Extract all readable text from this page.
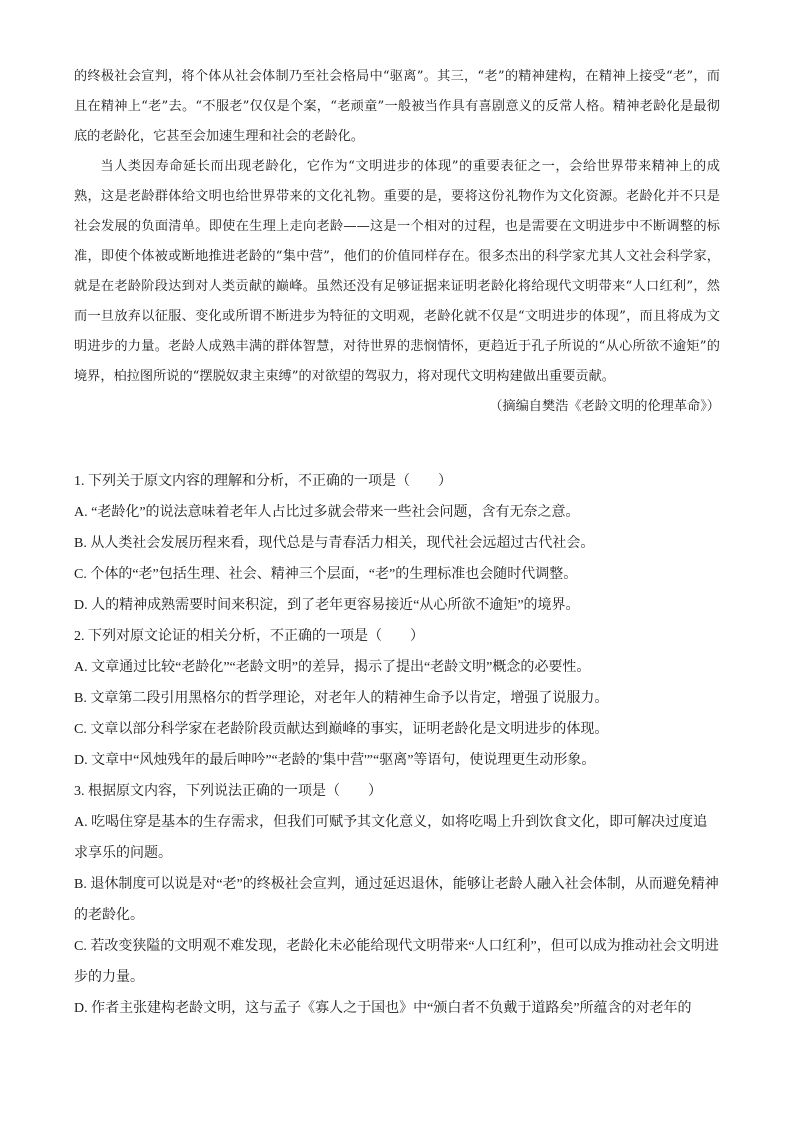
的终极社会宣判，将个体从社会体制乃至社会格局中“驱离”。其三，“老”的精神建构，在精神上接受“老”，而且在精神上“老”去。“不服老”仅仅是个案，“老顽童”一般被当作具有喜剧意义的反常人格。精神老龄化是最彻底的老龄化，它甚至会加速生理和社会的老龄化。

当人类因寿命延长而出现老龄化，它作为“文明进步的体现”的重要表征之一，会给世界带来精神上的成熟，这是老龄群体给文明也给世界带来的文化礼物。重要的是，要将这份礼物作为文化资源。老龄化并不只是社会发展的负面清单。即使在生理上走向老龄——这是一个相对的过程，也是需要在文明进步中不断调整的标准，即使个体被或断地推进老龄的“集中营”，他们的价值同样存在。很多杰出的科学家尤其人文社会科学家，就是在老龄阶段达到对人类贡献的巅峰。虽然还没有足够证据来证明老龄化将给现代文明带来“人口红利”，然而一旦放弃以征服、变化或所谓不断进步为特征的文明观，老龄化就不仅是“文明进步的体现”，而且将成为文明进步的力量。老龄人成熟丰满的群体智慧，对待世界的悲悯情怀，更趋近于孔子所说的“从心所欲不逾矩”的境界，柏拉图所说的“摆脱奴隶主束缚”的对欲望的驾驭力，将对现代文明构建做出重要贡献。

（摘编自樊浩《老龄文明的伦理革命》）

1. 下列关于原文内容的理解和分析，不正确的一项是（　　）

A. “老龄化”的说法意味着老年人占比过多就会带来一些社会问题，含有无奈之意。

B. 从人类社会发展历程来看，现代总是与青春活力相关，现代社会远超过古代社会。

C. 个体的“老”包括生理、社会、精神三个层面，“老”的生理标准也会随时代调整。

D. 人的精神成熟需要时间来积淀，到了老年更容易接近“从心所欲不逾矩”的境界。

2. 下列对原文论证的相关分析，不正确的一项是（　　）

A. 文章通过比较“老龄化”“老龄文明”的差异，揭示了提出“老龄文明”概念的必要性。

B. 文章第二段引用黑格尔的哲学理论，对老年人的精神生命予以肯定，增强了说服力。

C. 文章以部分科学家在老龄阶段贡献达到巅峰的事实，证明老龄化是文明进步的体现。

D. 文章中“风烛残年的最后呻吟”“老龄的'集中营'”“驱离”等语句，使说理更生动形象。

3. 根据原文内容，下列说法正确的一项是（　　）

A. 吃喝住穿是基本的生存需求，但我们可赋予其文化意义，如将吃喝上升到饮食文化，即可解决过度追求享乐的问题。

B. 退休制度可以说是对“老”的终极社会宣判，通过延迟退休，能够让老龄人融入社会体制，从而避免精神的老龄化。

C. 若改变狭隘的文明观不难发现，老龄化未必能给现代文明带来“人口红利”，但可以成为推动社会文明进步的力量。

D. 作者主张建构老龄文明，这与孟子《寡人之于国也》中“颁白者不负戴于道路矣”所蕴含的对老年的
